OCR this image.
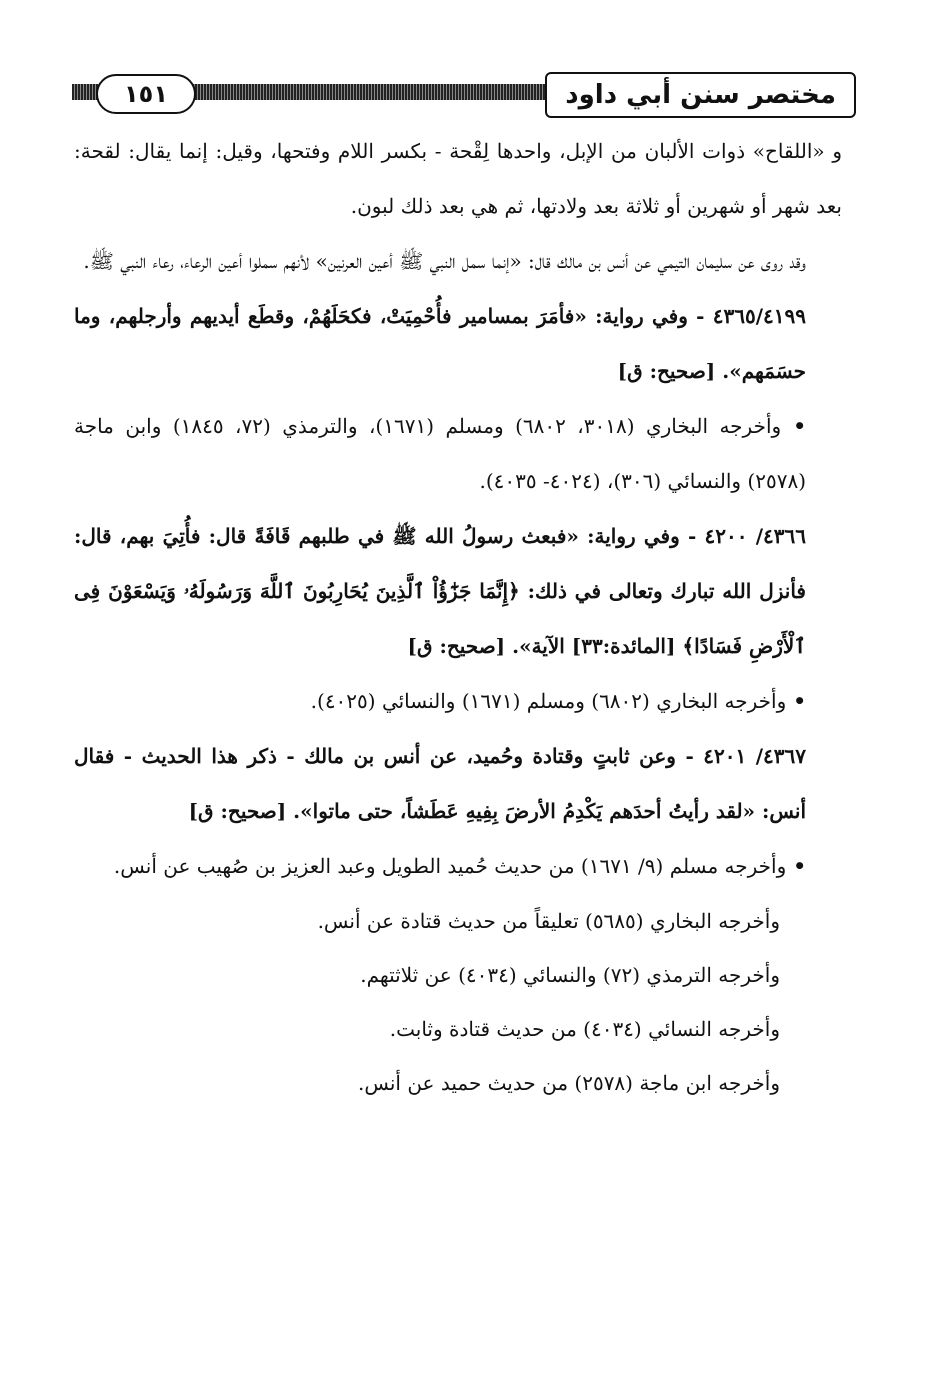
مختصر سنن أبي داود
١٥١

و «اللقاح» ذوات الألبان من الإبل، واحدها لِقْحة - بكسر اللام وفتحها، وقيل: إنما يقال: لقحة: بعد شهر أو شهرين أو ثلاثة بعد ولادتها، ثم هي بعد ذلك لبون.

وقد روى عن سليمان التيمي عن أنس بن مالك قال: «إنما سمل النبي ﷺ أعين العرنين» لأنهم سملوا أعين الرعاء، رعاء النبي ﷺ.

٤٣٦٥/٤١٩٩ - وفي رواية: «فأمَرَ بمسامير فأُحْمِيَتْ، فكحَلَهُمْ، وقطَع أيديهم وأرجلهم، وما حسَمَهم». [صحيح: ق]

• وأخرجه البخاري (٣٠١٨، ٦٨٠٢) ومسلم (١٦٧١)، والترمذي (٧٢، ١٨٤٥) وابن ماجة (٢٥٧٨) والنسائي (٣٠٦)، (٤٠٢٤- ٤٠٣٥).

٤٣٦٦/ ٤٢٠٠ - وفي رواية: «فبعث رسولُ الله ﷺ في طلبهم قَافَةً قال: فأُتِيَ بهم، قال: فأنزل الله تبارك وتعالى في ذلك: ﴿إِنَّمَا جَزَٰٓؤُاْ ٱلَّذِينَ يُحَارِبُونَ ٱللَّهَ وَرَسُولَهُۥ وَيَسْعَوْنَ فِى ٱلْأَرْضِ فَسَادًا﴾ [المائدة:٣٣] الآية». [صحيح: ق]

• وأخرجه البخاري (٦٨٠٢) ومسلم (١٦٧١) والنسائي (٤٠٢٥).

٤٣٦٧/ ٤٢٠١ - وعن ثابتٍ وقتادة وحُميد، عن أنس بن مالك - ذكر هذا الحديث - فقال أنس: «لقد رأيتُ أحدَهم يَكْدِمُ الأرضَ بِفِيهِ عَطَشاً، حتى ماتوا». [صحيح: ق]

• وأخرجه مسلم (٩/ ١٦٧١) من حديث حُميد الطويل وعبد العزيز بن صُهيب عن أنس.

وأخرجه البخاري (٥٦٨٥) تعليقاً من حديث قتادة عن أنس.

وأخرجه الترمذي (٧٢) والنسائي (٤٠٣٤) عن ثلاثتهم.

وأخرجه النسائي (٤٠٣٤) من حديث قتادة وثابت.

وأخرجه ابن ماجة (٢٥٧٨) من حديث حميد عن أنس.
